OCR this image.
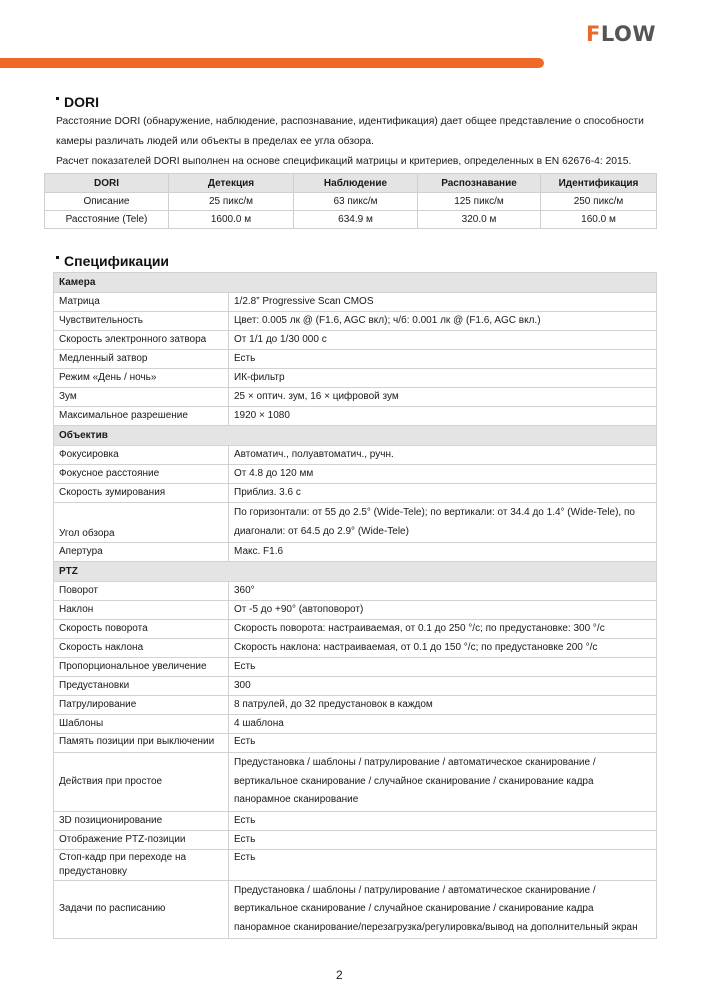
FLOW
DORI

Расстояние DORI (обнаружение, наблюдение, распознавание, идентификация) дает общее представление о способности камеры различать людей или объекты в пределах ее угла обзора.

Расчет показателей DORI выполнен на основе спецификаций матрицы и критериев, определенных в EN 62676-4: 2015.

DORI	Детекция	Наблюдение	Распознавание	Идентификация
Описание	25 пикс/м	63 пикс/м	125 пикс/м	250 пикс/м
Расстояние (Tele)	1600.0 м	634.9 м	320.0 м	160.0 м
Спецификации
Камера	
Матрица	1/2.8” Progressive Scan CMOS
Чувствительность	Цвет: 0.005 лк @ (F1.6, AGC вкл); ч/б: 0.001 лк @ (F1.6, AGC вкл.)
Скорость электронного затвора	От 1/1 до 1/30 000 с
Медленный затвор	Есть
Режим «День / ночь»	ИК-фильтр
Зум	25 × оптич. зум, 16 × цифровой зум
Максимальное разрешение	1920 × 1080
Объектив	
Фокусировка	Автоматич., полуавтоматич., ручн.
Фокусное расстояние	От 4.8 до 120 мм
Скорость зумирования	Приблиз. 3.6 с
Угол обзора	По горизонтали: от 55 до 2.5° (Wide-Tele); по вертикали: от 34.4 до 1.4° (Wide-Tele), по диагонали: от 64.5 до 2.9° (Wide-Tele)
Апертура	Макс. F1.6
PTZ	
Поворот	360°
Наклон	От -5 до +90° (автоповорот)
Скорость поворота	Скорость поворота: настраиваемая, от 0.1 до 250 °/с; по предустановке: 300 °/с
Скорость наклона	Скорость наклона: настраиваемая, от 0.1 до 150 °/с; по предустановке 200 °/с
Пропорциональное увеличение	Есть
Предустановки	300
Патрулирование	8 патрулей, до 32 предустановок в каждом
Шаблоны	4 шаблона
Память позиции при выключении	Есть
Действия при простое	Предустановка / шаблоны / патрулирование / автоматическое сканирование / вертикальное сканирование / случайное сканирование / сканирование кадра панорамное сканирование
3D позиционирование	Есть
Отображение PTZ-позиции	Есть
Стоп-кадр при переходе на предустановку	Есть
Задачи по расписанию	Предустановка / шаблоны / патрулирование / автоматическое сканирование / вертикальное сканирование / случайное сканирование / сканирование кадра панорамное сканирование/перезагрузка/регулировка/вывод на дополнительный экран
2
